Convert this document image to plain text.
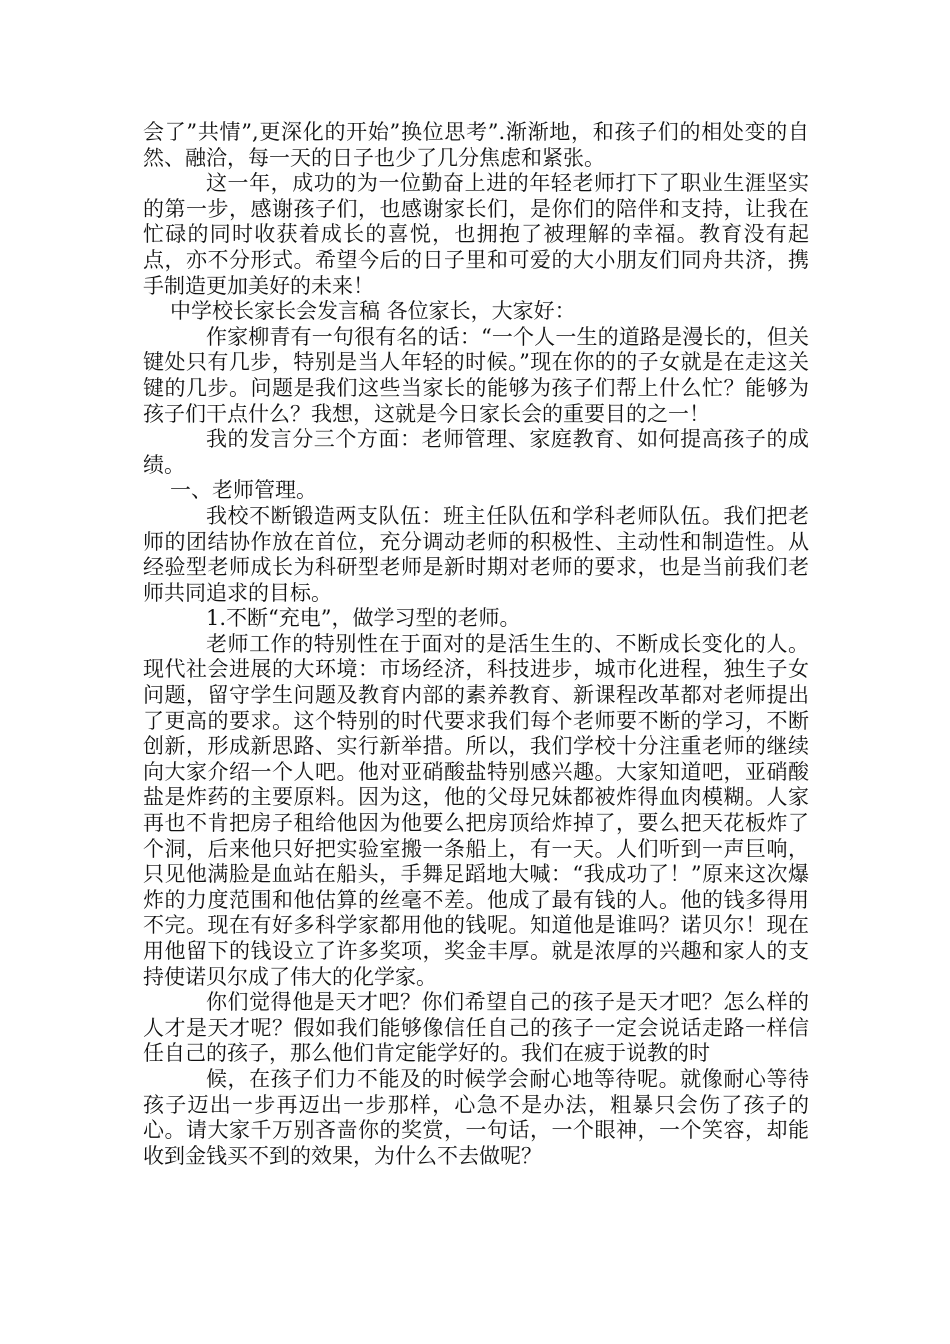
会了”共情”,更深化的开始”换位思考”.渐渐地，和孩子们的相处变的自然、融洽，每一天的日子也少了几分焦虑和紧张。

这一年，成功的为一位勤奋上进的年轻老师打下了职业生涯坚实的第一步，感谢孩子们，也感谢家长们，是你们的陪伴和支持，让我在忙碌的同时收获着成长的喜悦，也拥抱了被理解的幸福。教育没有起点，亦不分形式。希望今后的日子里和可爱的大小朋友们同舟共济，携手制造更加美好的未来！

中学校长家长会发言稿 各位家长，大家好：

作家柳青有一句很有名的话：“一个人一生的道路是漫长的，但关键处只有几步，特别是当人年轻的时候。”现在你的的子女就是在走这关键的几步。问题是我们这些当家长的能够为孩子们帮上什么忙？能够为孩子们干点什么？我想，这就是今日家长会的重要目的之一！

我的发言分三个方面：老师管理、家庭教育、如何提高孩子的成绩。

一、老师管理。

我校不断锻造两支队伍：班主任队伍和学科老师队伍。我们把老师的团结协作放在首位，充分调动老师的积极性、主动性和制造性。从经验型老师成长为科研型老师是新时期对老师的要求，也是当前我们老师共同追求的目标。

1.不断“充电”，做学习型的老师。

老师工作的特别性在于面对的是活生生的、不断成长变化的人。现代社会进展的大环境：市场经济，科技进步，城市化进程，独生子女问题，留守学生问题及教育内部的素养教育、新课程改革都对老师提出了更高的要求。这个特别的时代要求我们每个老师要不断的学习，不断创新，形成新思路、实行新举措。所以，我们学校十分注重老师的继续 向大家介绍一个人吧。他对亚硝酸盐特别感兴趣。大家知道吧，亚硝酸盐是炸药的主要原料。因为这，他的父母兄妹都被炸得血肉模糊。人家再也不肯把房子租给他因为他要么把房顶给炸掉了，要么把天花板炸了个洞，后来他只好把实验室搬一条船上，有一天。人们听到一声巨响，只见他满脸是血站在船头，手舞足蹈地大喊：“我成功了！”原来这次爆炸的力度范围和他估算的丝毫不差。他成了最有钱的人。他的钱多得用不完。现在有好多科学家都用他的钱呢。知道他是谁吗？诺贝尔！现在用他留下的钱设立了许多奖项，奖金丰厚。就是浓厚的兴趣和家人的支持使诺贝尔成了伟大的化学家。

你们觉得他是天才吧？你们希望自己的孩子是天才吧？怎么样的人才是天才呢？假如我们能够像信任自己的孩子一定会说话走路一样信任自己的孩子，那么他们肯定能学好的。我们在疲于说教的时

候，在孩子们力不能及的时候学会耐心地等待呢。就像耐心等待孩子迈出一步再迈出一步那样，心急不是办法，粗暴只会伤了孩子的心。请大家千万别吝啬你的奖赏，一句话，一个眼神，一个笑容，却能收到金钱买不到的效果，为什么不去做呢？
